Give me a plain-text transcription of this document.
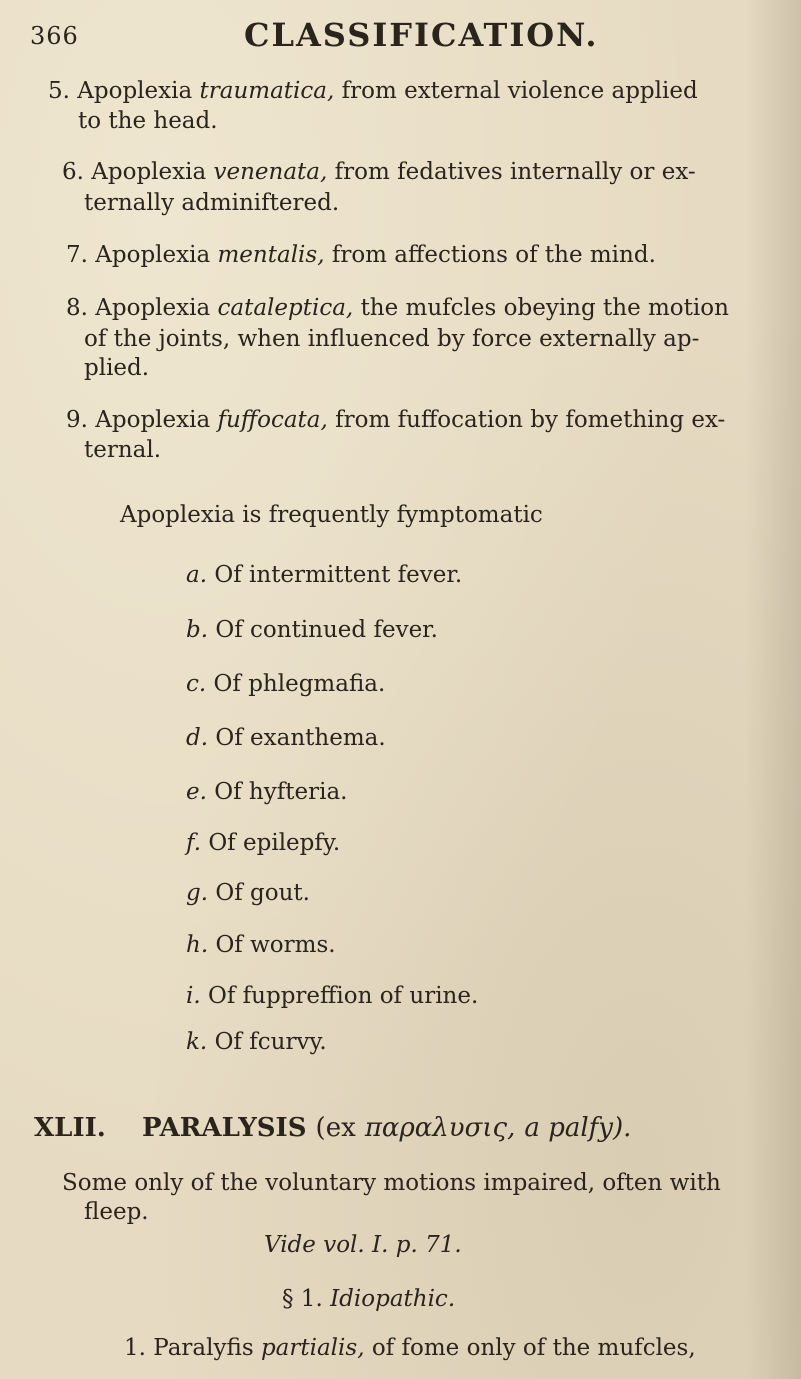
366	CLASSIFICATION.
5. Apoplexia traumatica, from external violence applied
to the head.
6. Apoplexia venenata, from fedatives internally or ex-
ternally adminiftered.
7. Apoplexia mentalis, from affections of the mind.
8. Apoplexia cataleptica, the mufcles obeying the motion
of the joints, when influenced by force externally ap-
plied.
9. Apoplexia fuffocata, from fuffocation by fomething ex-
ternal.
Apoplexia is frequently fymptomatic
a. Of intermittent fever.
b. Of continued fever.
c. Of phlegmafia.
d. Of exanthema.
e. Of hyfteria.
f. Of epilepfy.
g. Of gout.
h. Of worms.
i. Of fuppreffion of urine.
k. Of fcurvy.
XLII. PARALYSIS (ex παραλυσις, a palfy).
Some only of the voluntary motions impaired, often with
fleep.
Vide vol. I. p. 71.
§ 1. Idiopathic.
1. Paralyfis partialis, of fome only of the mufcles,
